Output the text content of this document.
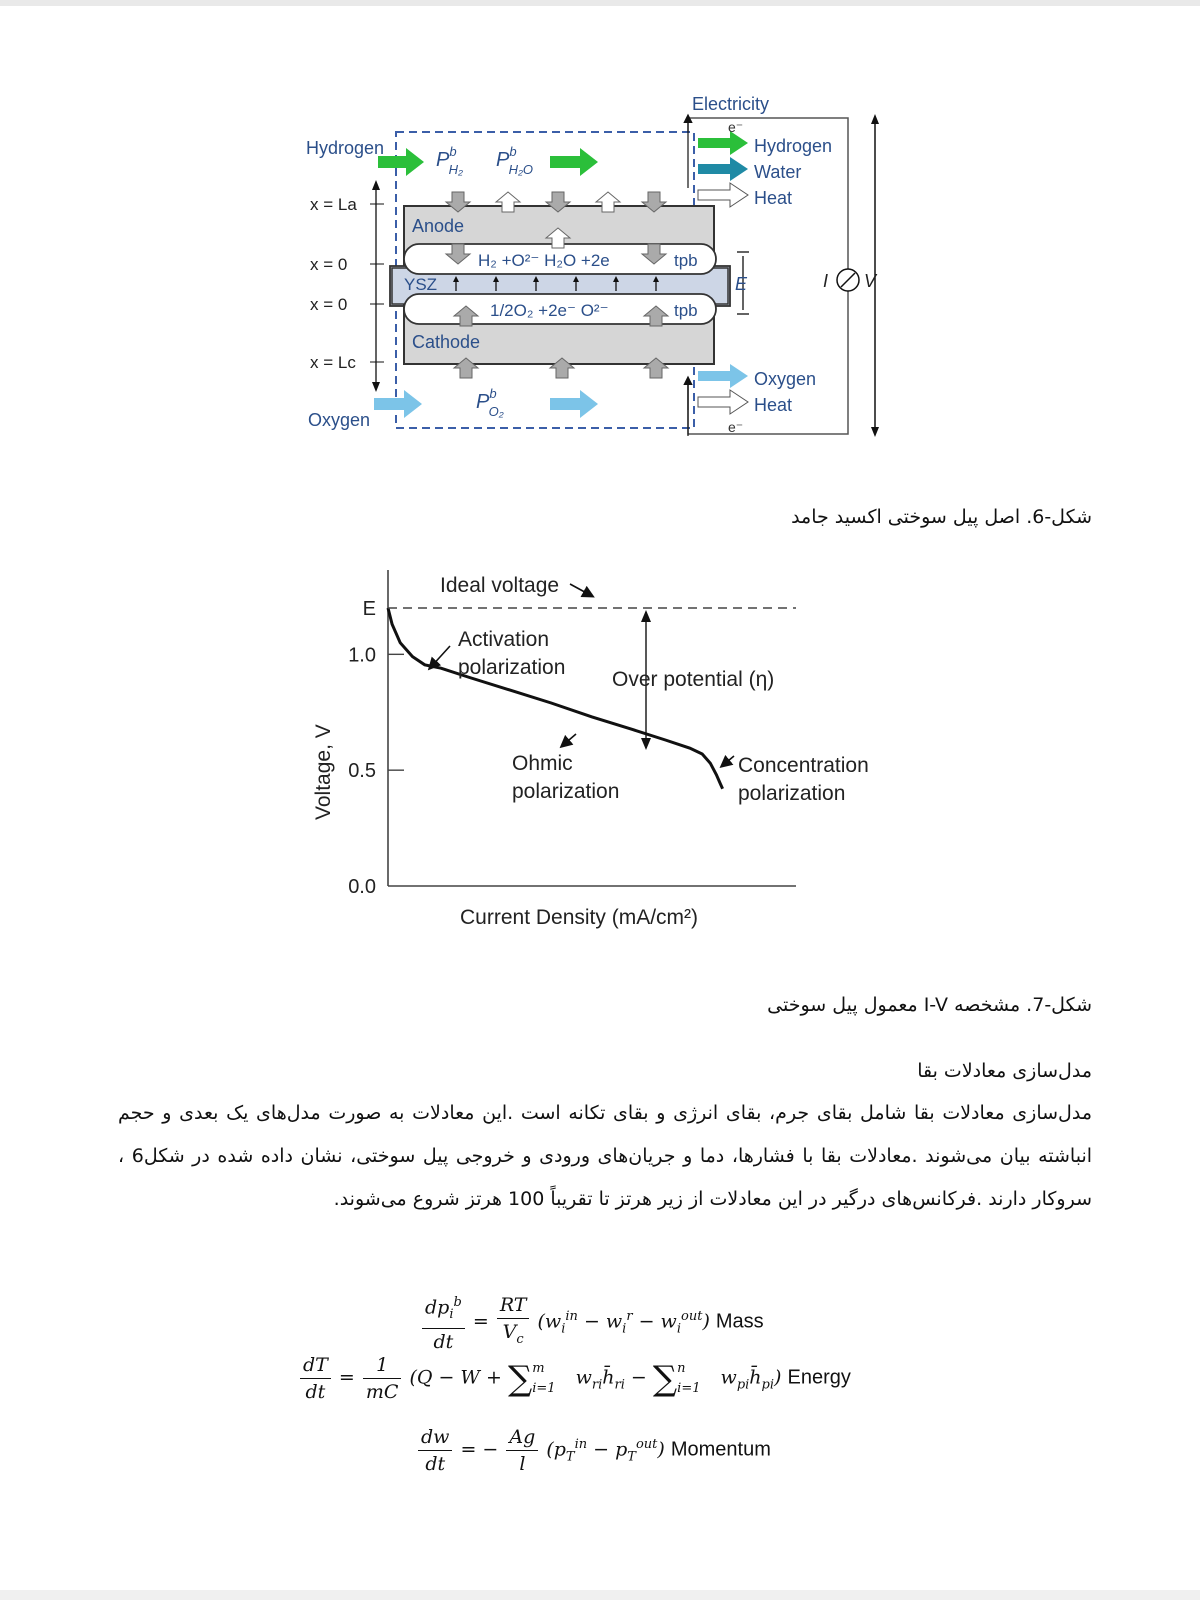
Electricity
e⁻
e⁻
Hydrogen
Oxygen
x = La
x = 0
x = 0
x = Lc
Anode
YSZ
Cathode
H₂ +O²⁻ H₂O +2e
1/2O₂ +2e⁻ O²⁻
tpb
tpb
$P^b$ H₂ $P^b$ H₂O
$P^b$ O₂
Hydrogen
Water
Heat
Oxygen
Heat
E	I V
شکل-6. اصل پیل سوختی اکسید جامد
E
1.0
0.5
0.0
Ideal voltage
Activation
polarization
Over potential (η)
Ohmic
polarization
Concentration
polarization
Current Density (mA/cm²)
Voltage, V
شکل-7. مشخصه I-V معمول پیل سوختی
مدل‌سازی معادلات بقا
مدل‌سازی معادلات بقا شامل بقای جرم، بقای انرژی و بقای تکانه است .این معادلات به صورت مدل‌های یک بعدی و حجم انباشته بیان می‌شوند .معادلات بقا با فشارها، دما و جریان‌های ورودی و خروجی پیل سوختی، نشان داده شده در شکل6 ، سروکار دارند .فرکانس‌های درگیر در این معادلات از زیر هرتز تا تقریباً 100 هرتز شروع می‌شوند.
$\frac{dp_i^b}{dt} = \frac{RT}{V_c} (w_i^{in} - w_i^r - w_i^{out})$ Mass
$\frac{dT}{dt} = \frac{1}{mC} (Q - W$ + ∑ m
i=1 $w_{ri}h̄_{ri}$ − ∑ n
i=1 $w_{pi}h̄_{pi}$) Energy
$\frac{dw}{dt}$ = − $\frac{Ag}{l} (p_T^{in} - p_T^{out})$ Momentum
